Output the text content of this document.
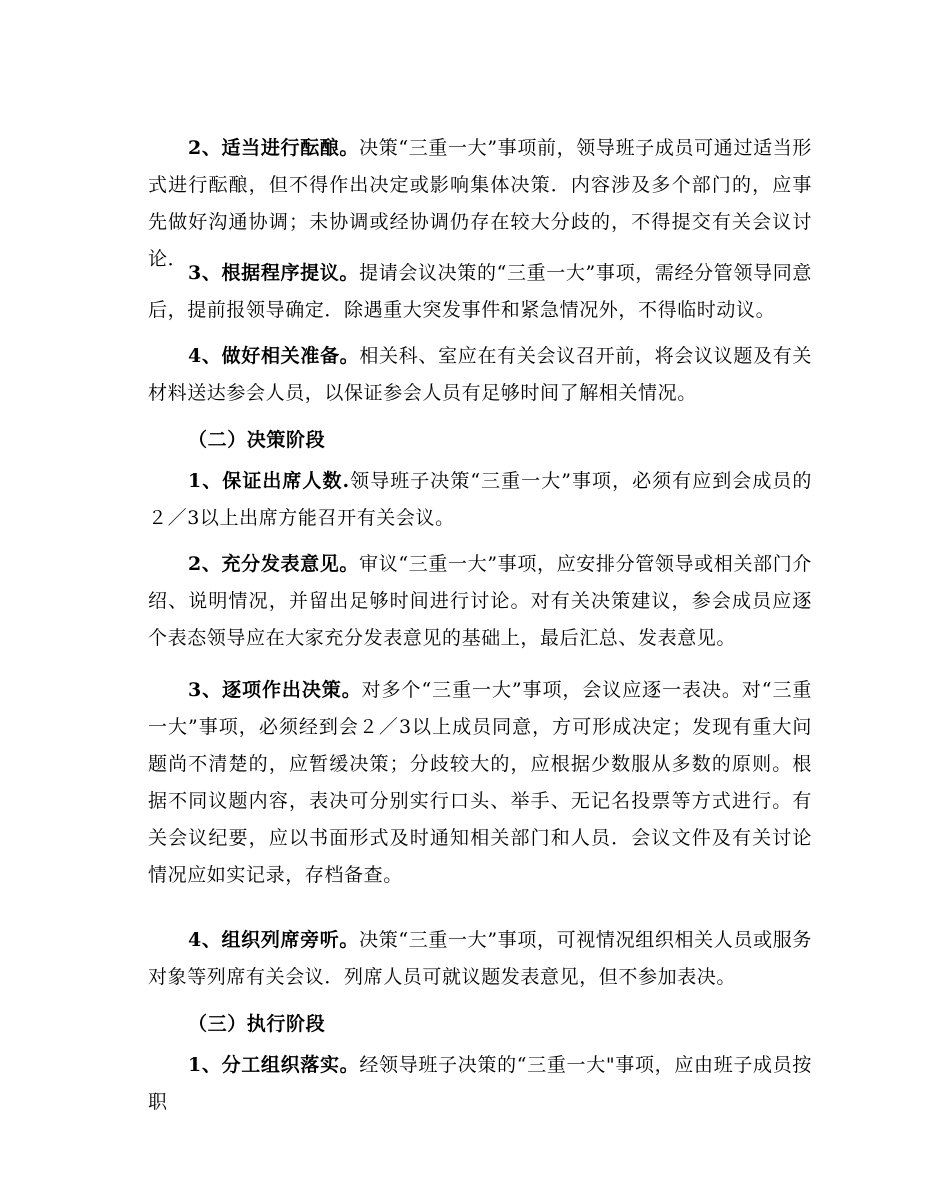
2、适当进行酝酿。决策“三重一大”事项前，领导班子成员可通过适当形式进行酝酿，但不得作出决定或影响集体决策．内容涉及多个部门的，应事先做好沟通协调；未协调或经协调仍存在较大分歧的，不得提交有关会议讨论．

3、根据程序提议。提请会议决策的“三重一大”事项，需经分管领导同意后，提前报领导确定．除遇重大突发事件和紧急情况外，不得临时动议。

4、做好相关准备。相关科、室应在有关会议召开前，将会议议题及有关材料送达参会人员，以保证参会人员有足够时间了解相关情况。

（二）决策阶段

1、保证出席人数.领导班子决策“三重一大”事项，必须有应到会成员的２／3以上出席方能召开有关会议。

2、充分发表意见。审议“三重一大”事项，应安排分管领导或相关部门介绍、说明情况，并留出足够时间进行讨论。对有关决策建议，参会成员应逐个表态领导应在大家充分发表意见的基础上，最后汇总、发表意见。

3、逐项作出决策。对多个“三重一大”事项，会议应逐一表决。对“三重一大”事项，必须经到会２／3以上成员同意，方可形成决定；发现有重大问题尚不清楚的，应暂缓决策；分歧较大的，应根据少数服从多数的原则。根据不同议题内容，表决可分别实行口头、举手、无记名投票等方式进行。有关会议纪要，应以书面形式及时通知相关部门和人员．会议文件及有关讨论情况应如实记录，存档备查。

4、组织列席旁听。决策“三重一大”事项，可视情况组织相关人员或服务对象等列席有关会议．列席人员可就议题发表意见，但不参加表决。

（三）执行阶段

1、分工组织落实。经领导班子决策的“三重一大"事项，应由班子成员按职
